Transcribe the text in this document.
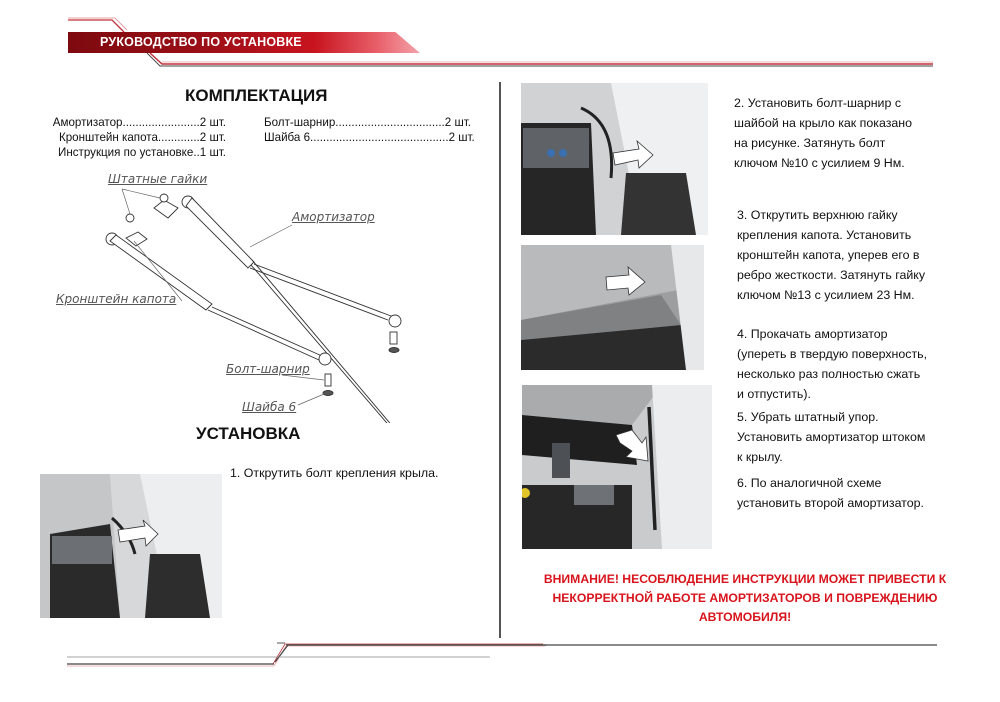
РУКОВОДСТВО ПО УСТАНОВКЕ
КОМПЛЕКТАЦИЯ
Амортизатор........................2 шт.
Кронштейн капота.............2 шт.
Инструкция по установке..1 шт.
Болт-шарнир..................................2 шт.
Шайба 6...........................................2 шт.
Штатные гайки
Амортизатор
Кронштейн капота
Болт-шарнир
Шайба 6
УСТАНОВКА
1. Открутить болт крепления крыла.
2. Установить болт-шарнир с
шайбой на крыло как показано
на рисунке. Затянуть болт
ключом №10 с усилием 9 Нм.
3. Открутить верхнюю гайку
крепления капота. Установить
кронштейн капота, уперев его в
ребро жесткости. Затянуть гайку
ключом №13 с усилием 23 Нм.
4. Прокачать амортизатор
(упереть в твердую поверхность,
несколько раз полностью сжать
и отпустить).
5. Убрать штатный упор.
Установить амортизатор штоком
к крылу.
6. По аналогичной схеме
установить второй амортизатор.
ВНИМАНИЕ! НЕСОБЛЮДЕНИЕ ИНСТРУКЦИИ МОЖЕТ ПРИВЕСТИ К
НЕКОРРЕКТНОЙ РАБОТЕ АМОРТИЗАТОРОВ И ПОВРЕЖДЕНИЮ
АВТОМОБИЛЯ!
